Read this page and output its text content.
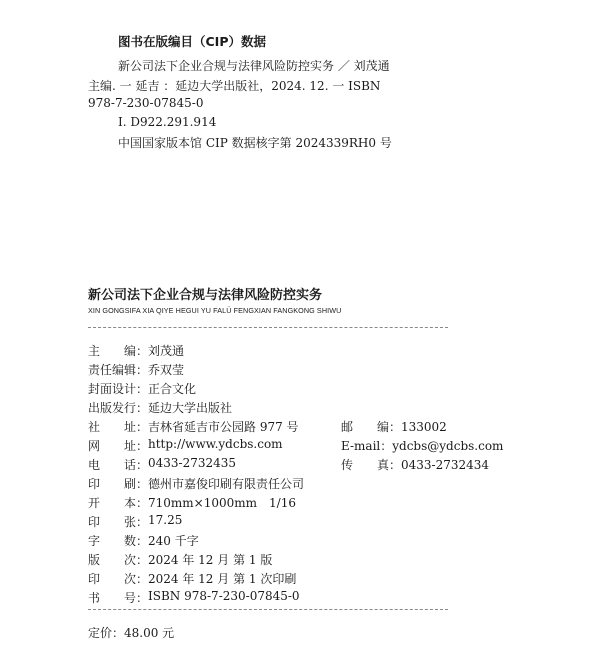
图书在版编目（CIP）数据
新公司法下企业合规与法律风险防控实务 ／ 刘茂通
主编. 一 延吉 ：延边大学出版社，2024. 12. 一 ISBN
978-7-230-07845-0
Ⅰ. D922.291.914
中国国家版本馆 CIP 数据核字第 2024339RH0 号
新公司法下企业合规与法律风险防控实务
XIN GONGSIFA XIA QIYE HEGUI YU FALÜ FENGXIAN FANGKONG SHIWU
主　　编： 刘茂通
责任编辑： 乔双莹
封面设计： 正合文化
出版发行： 延边大学出版社
社　　址： 吉林省延吉市公园路 977 号	邮　　编：133002
网　　址： http://www.ydcbs.com	E-mail：ydcbs@ydcbs.com
电　　话： 0433-2732435	传　　真：0433-2732434
印　　刷： 德州市嘉俊印刷有限责任公司
开　　本： 710mm×1000mm　1/16
印　　张： 17.25
字　　数： 240 千字
版　　次： 2024 年 12 月 第 1 版
印　　次： 2024 年 12 月 第 1 次印刷
书　　号： ISBN 978-7-230-07845-0
定价：48.00 元
